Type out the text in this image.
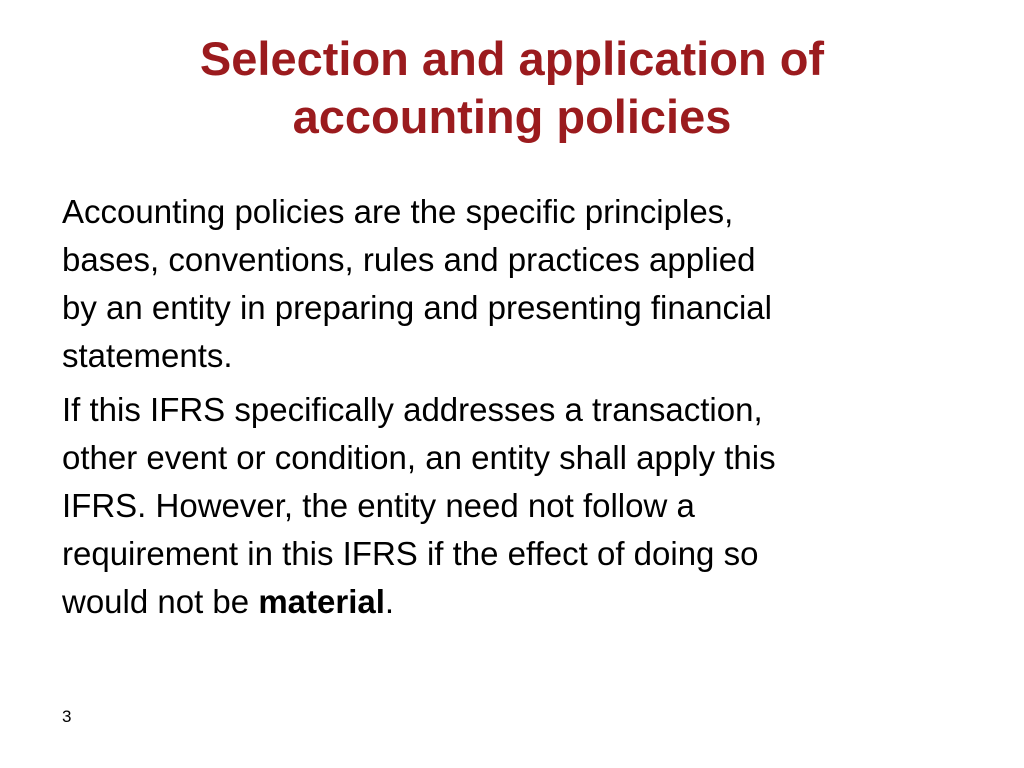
Selection and application of
accounting policies

Accounting policies are the specific principles,
bases, conventions, rules and practices applied
by an entity in preparing and presenting financial
statements.

If this IFRS specifically addresses a transaction,
other event or condition, an entity shall apply this
IFRS. However, the entity need not follow a
requirement in this IFRS if the effect of doing so
would not be material.

3
